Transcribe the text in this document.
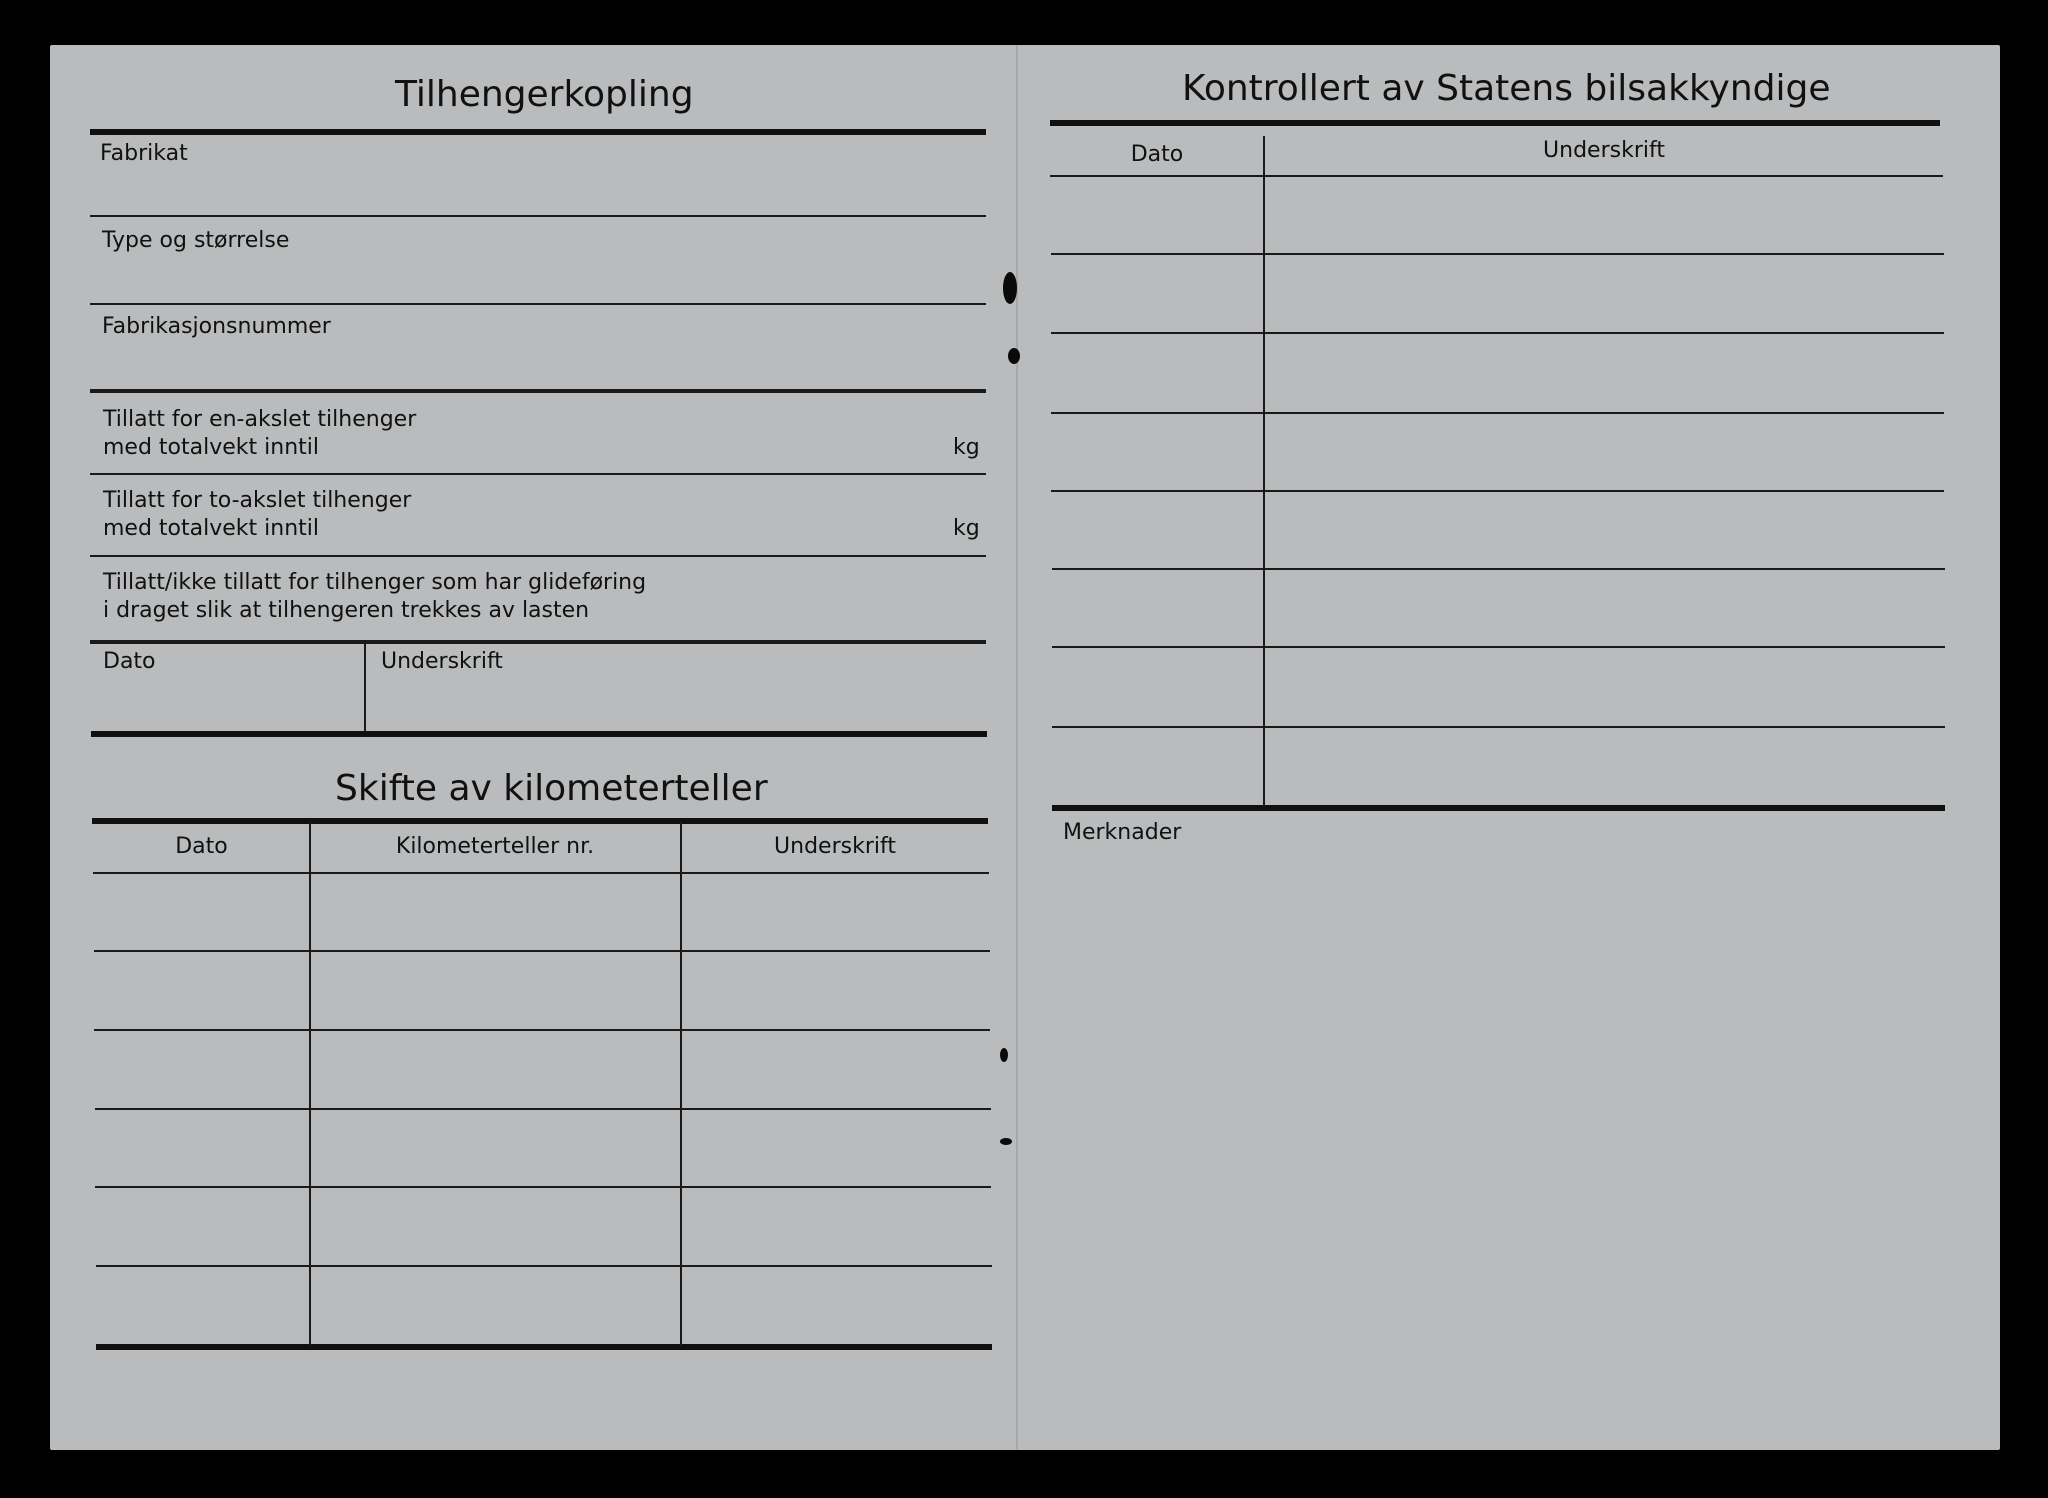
Tilhengerkopling
Fabrikat
Type og størrelse
Fabrikasjonsnummer
Tillatt for en-akslet tilhenger
med totalvekt inntil	kg
Tillatt for to-akslet tilhenger
med totalvekt inntil	kg
Tillatt/ikke tillatt for tilhenger som har glideføring
i draget slik at tilhengeren trekkes av lasten
Dato	Underskrift
Skifte av kilometerteller
Dato	Kilometerteller nr.	Underskrift
Kontrollert av Statens bilsakkyndige
Dato	Underskrift
Merknader
